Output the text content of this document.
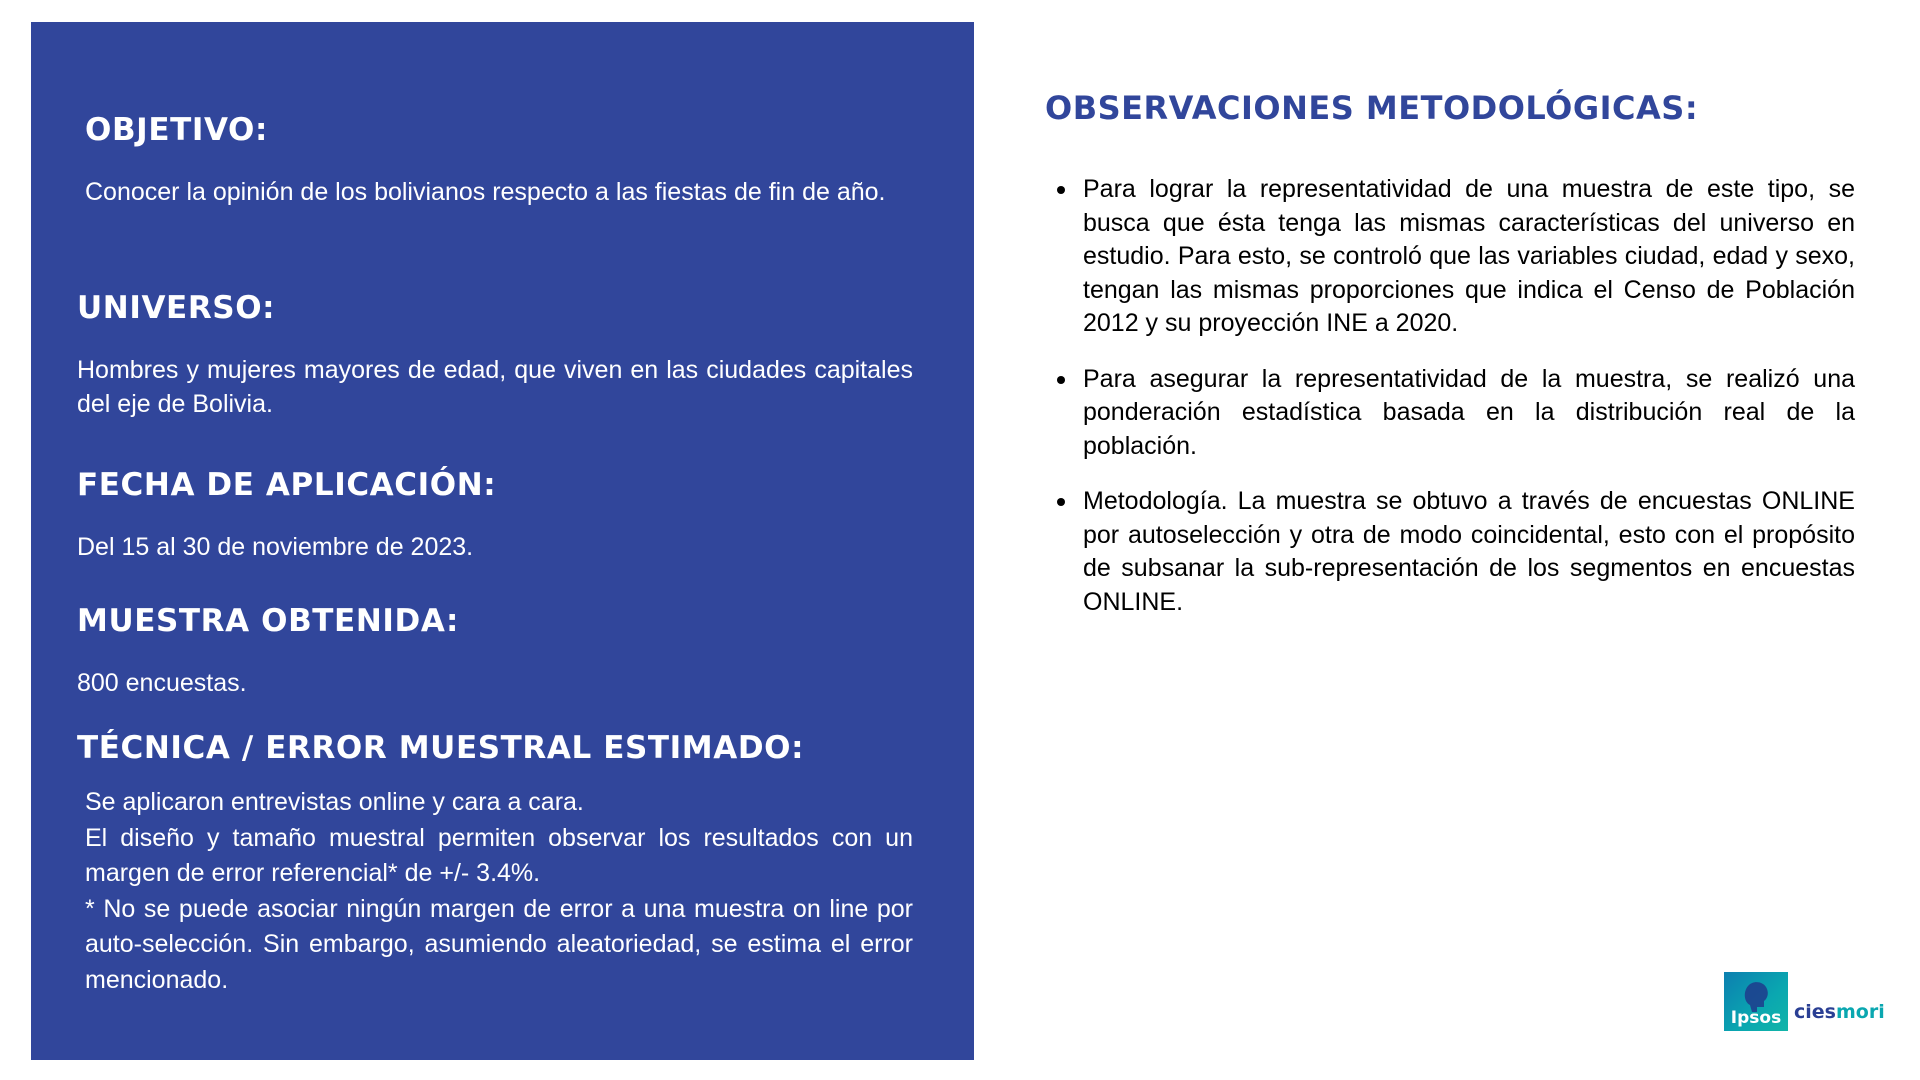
OBJETIVO:

Conocer la opinión de los bolivianos respecto a las fiestas de fin de año.

UNIVERSO:

Hombres y mujeres mayores de edad, que viven en las ciudades capitales del eje de Bolivia.

FECHA DE APLICACIÓN:

Del 15 al 30 de noviembre de 2023.

MUESTRA OBTENIDA:

800 encuestas.

TÉCNICA / ERROR MUESTRAL ESTIMADO:

Se aplicaron entrevistas online y cara a cara.

El diseño y tamaño muestral permiten observar los resultados con un margen de error referencial* de +/- 3.4%.

* No se puede asociar ningún margen de error a una muestra on line por auto-selección. Sin embargo, asumiendo aleatoriedad, se estima el error mencionado.

OBSERVACIONES METODOLÓGICAS:
Para lograr la representatividad de una muestra de este tipo, se busca que ésta tenga las mismas características del universo en estudio. Para esto, se controló que las variables ciudad, edad y sexo, tengan las mismas proporciones que indica el Censo de Población 2012 y su proyección INE a 2020.
Para asegurar la representatividad de la muestra, se realizó una ponderación estadística basada en la distribución real de la población.
Metodología. La muestra se obtuvo a través de encuestas ONLINE por autoselección y otra de modo coincidental, esto con el propósito de subsanar la sub-representación de los segmentos en encuestas ONLINE.
Ipsos ciesmori
